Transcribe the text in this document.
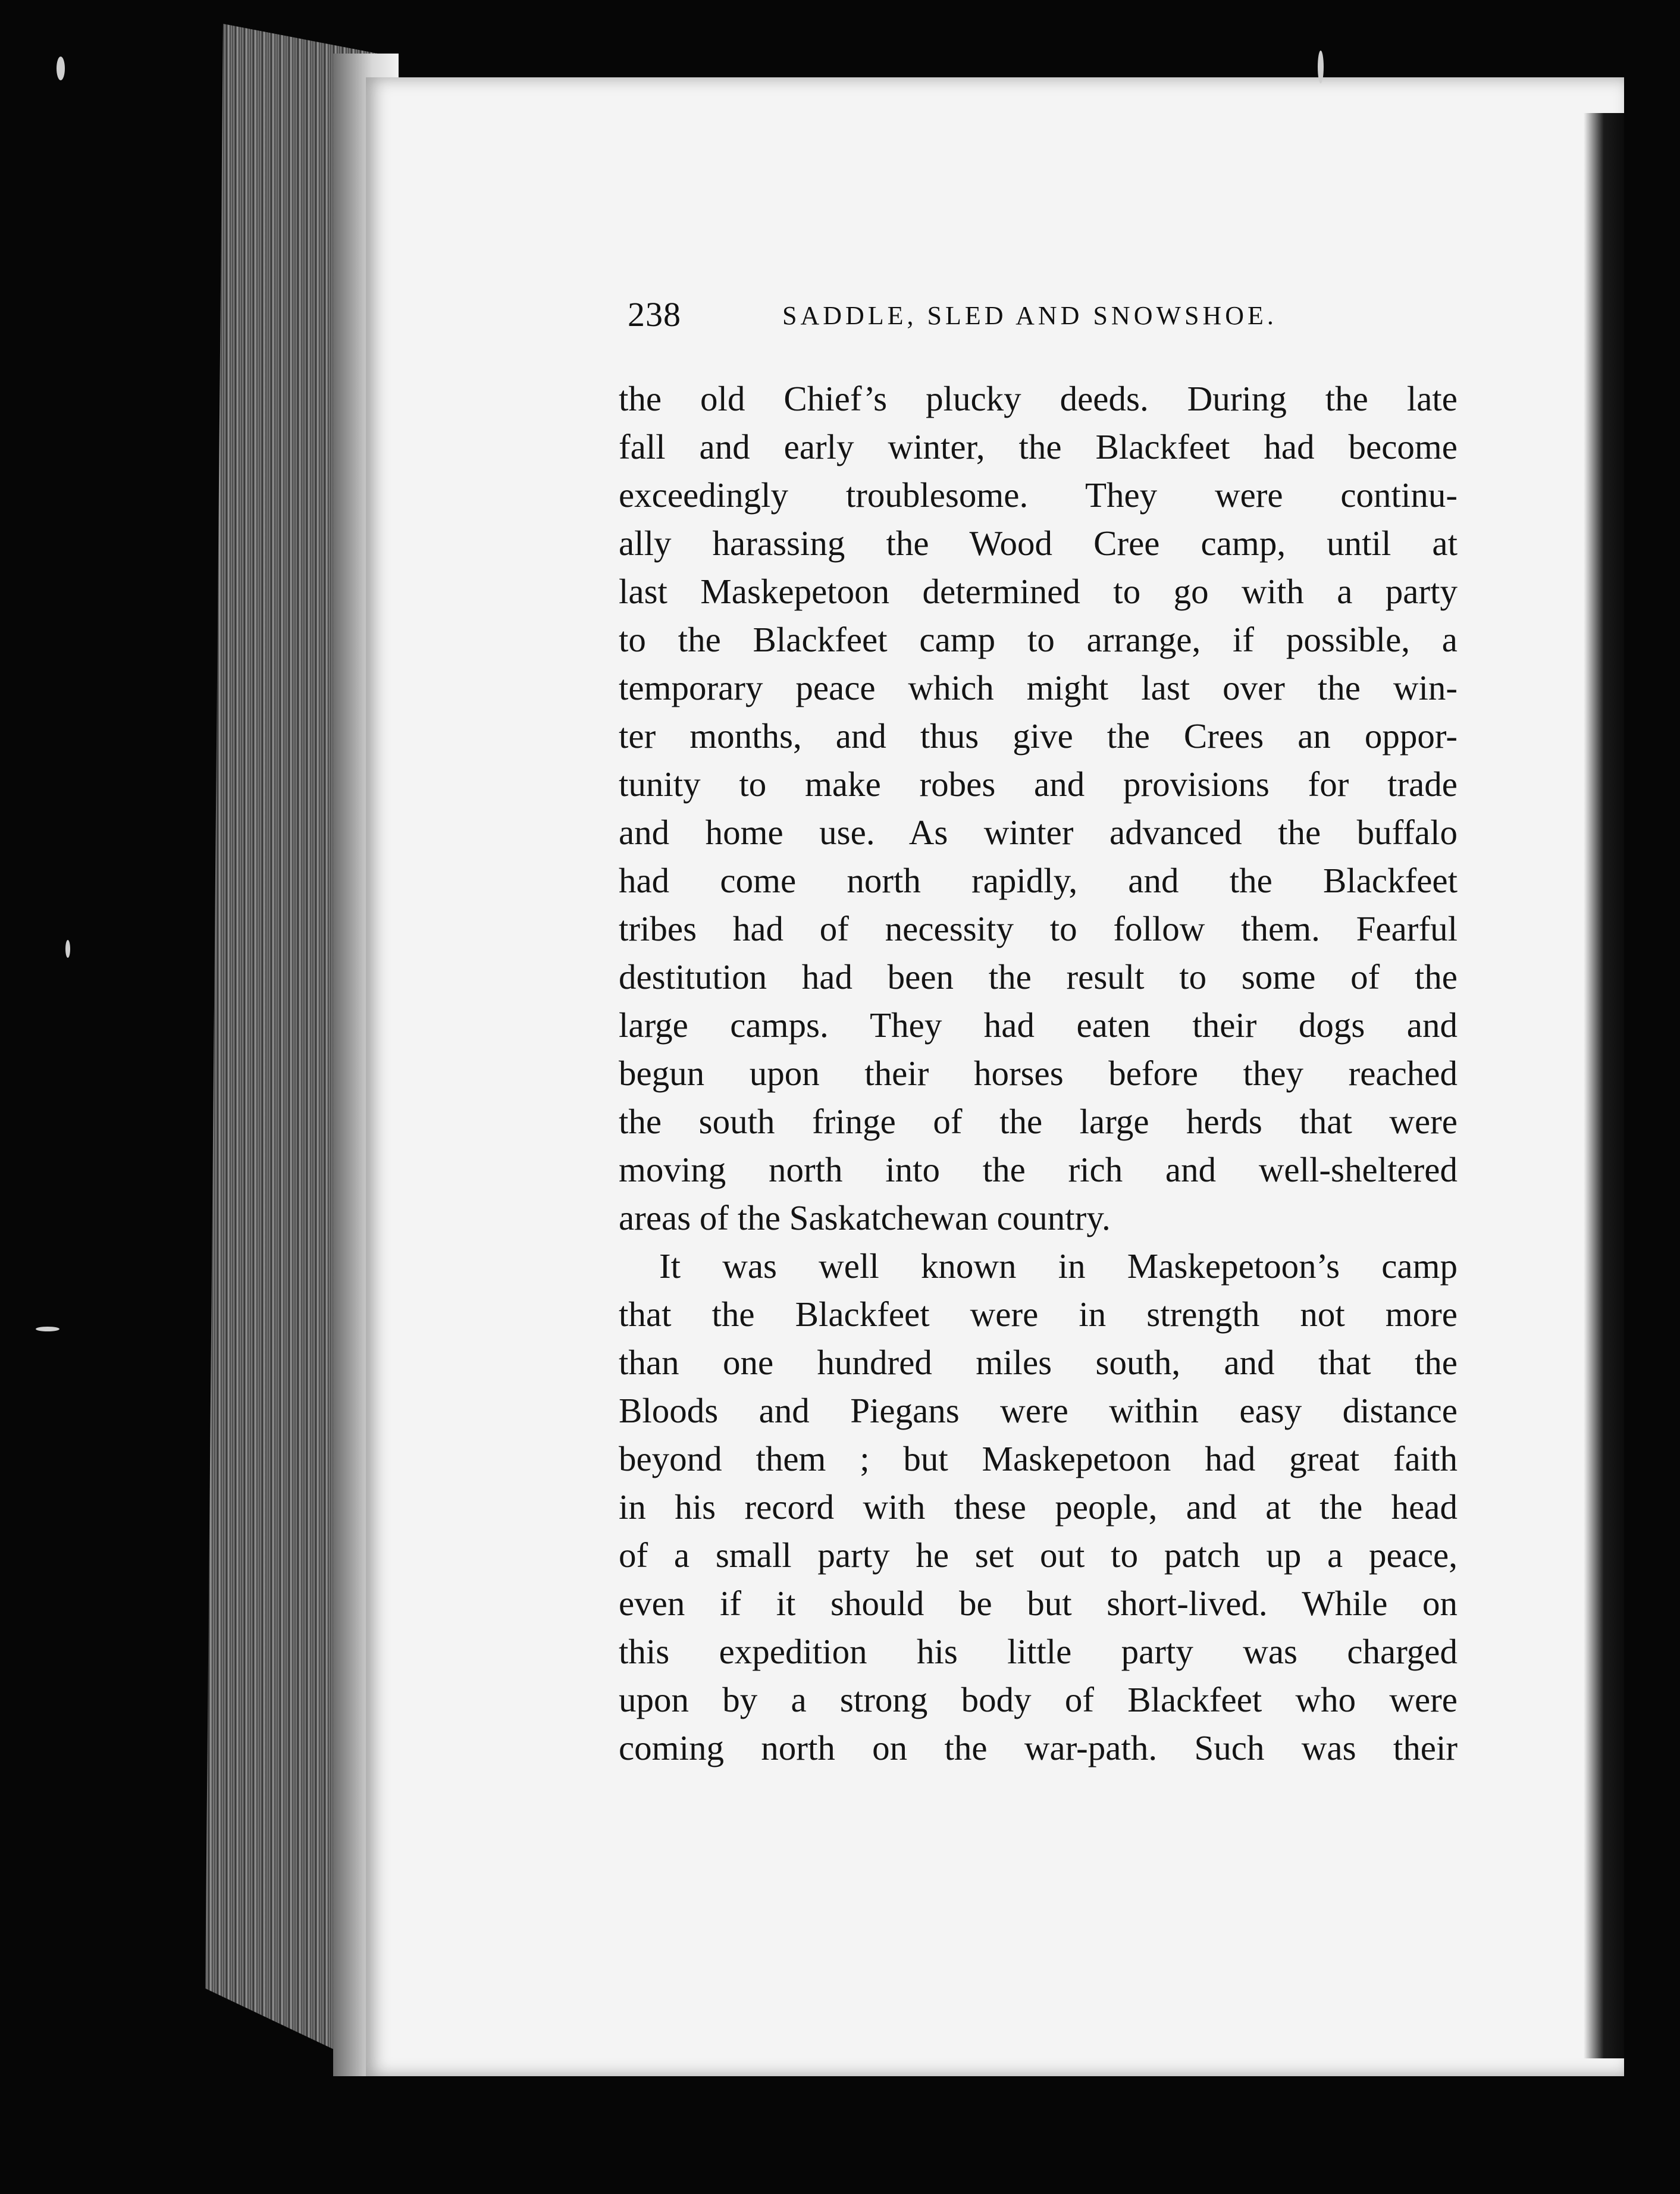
238	SADDLE, SLED AND SNOWSHOE.
the old Chief’s plucky deeds. During the late
fall and early winter, the Blackfeet had become
exceedingly troublesome. They were continu-
ally harassing the Wood Cree camp, until at
last Maskepetoon determined to go with a party
to the Blackfeet camp to arrange, if possible, a
temporary peace which might last over the win-
ter months, and thus give the Crees an oppor-
tunity to make robes and provisions for trade
and home use. As winter advanced the buffalo
had come north rapidly, and the Blackfeet
tribes had of necessity to follow them. Fearful
destitution had been the result to some of the
large camps. They had eaten their dogs and
begun upon their horses before they reached
the south fringe of the large herds that were
moving north into the rich and well-sheltered
areas of the Saskatchewan country.
It was well known in Maskepetoon’s camp
that the Blackfeet were in strength not more
than one hundred miles south, and that the
Bloods and Piegans were within easy distance
beyond them ; but Maskepetoon had great faith
in his record with these people, and at the head
of a small party he set out to patch up a peace,
even if it should be but short-lived. While on
this expedition his little party was charged
upon by a strong body of Blackfeet who were
coming north on the war-path. Such was their
